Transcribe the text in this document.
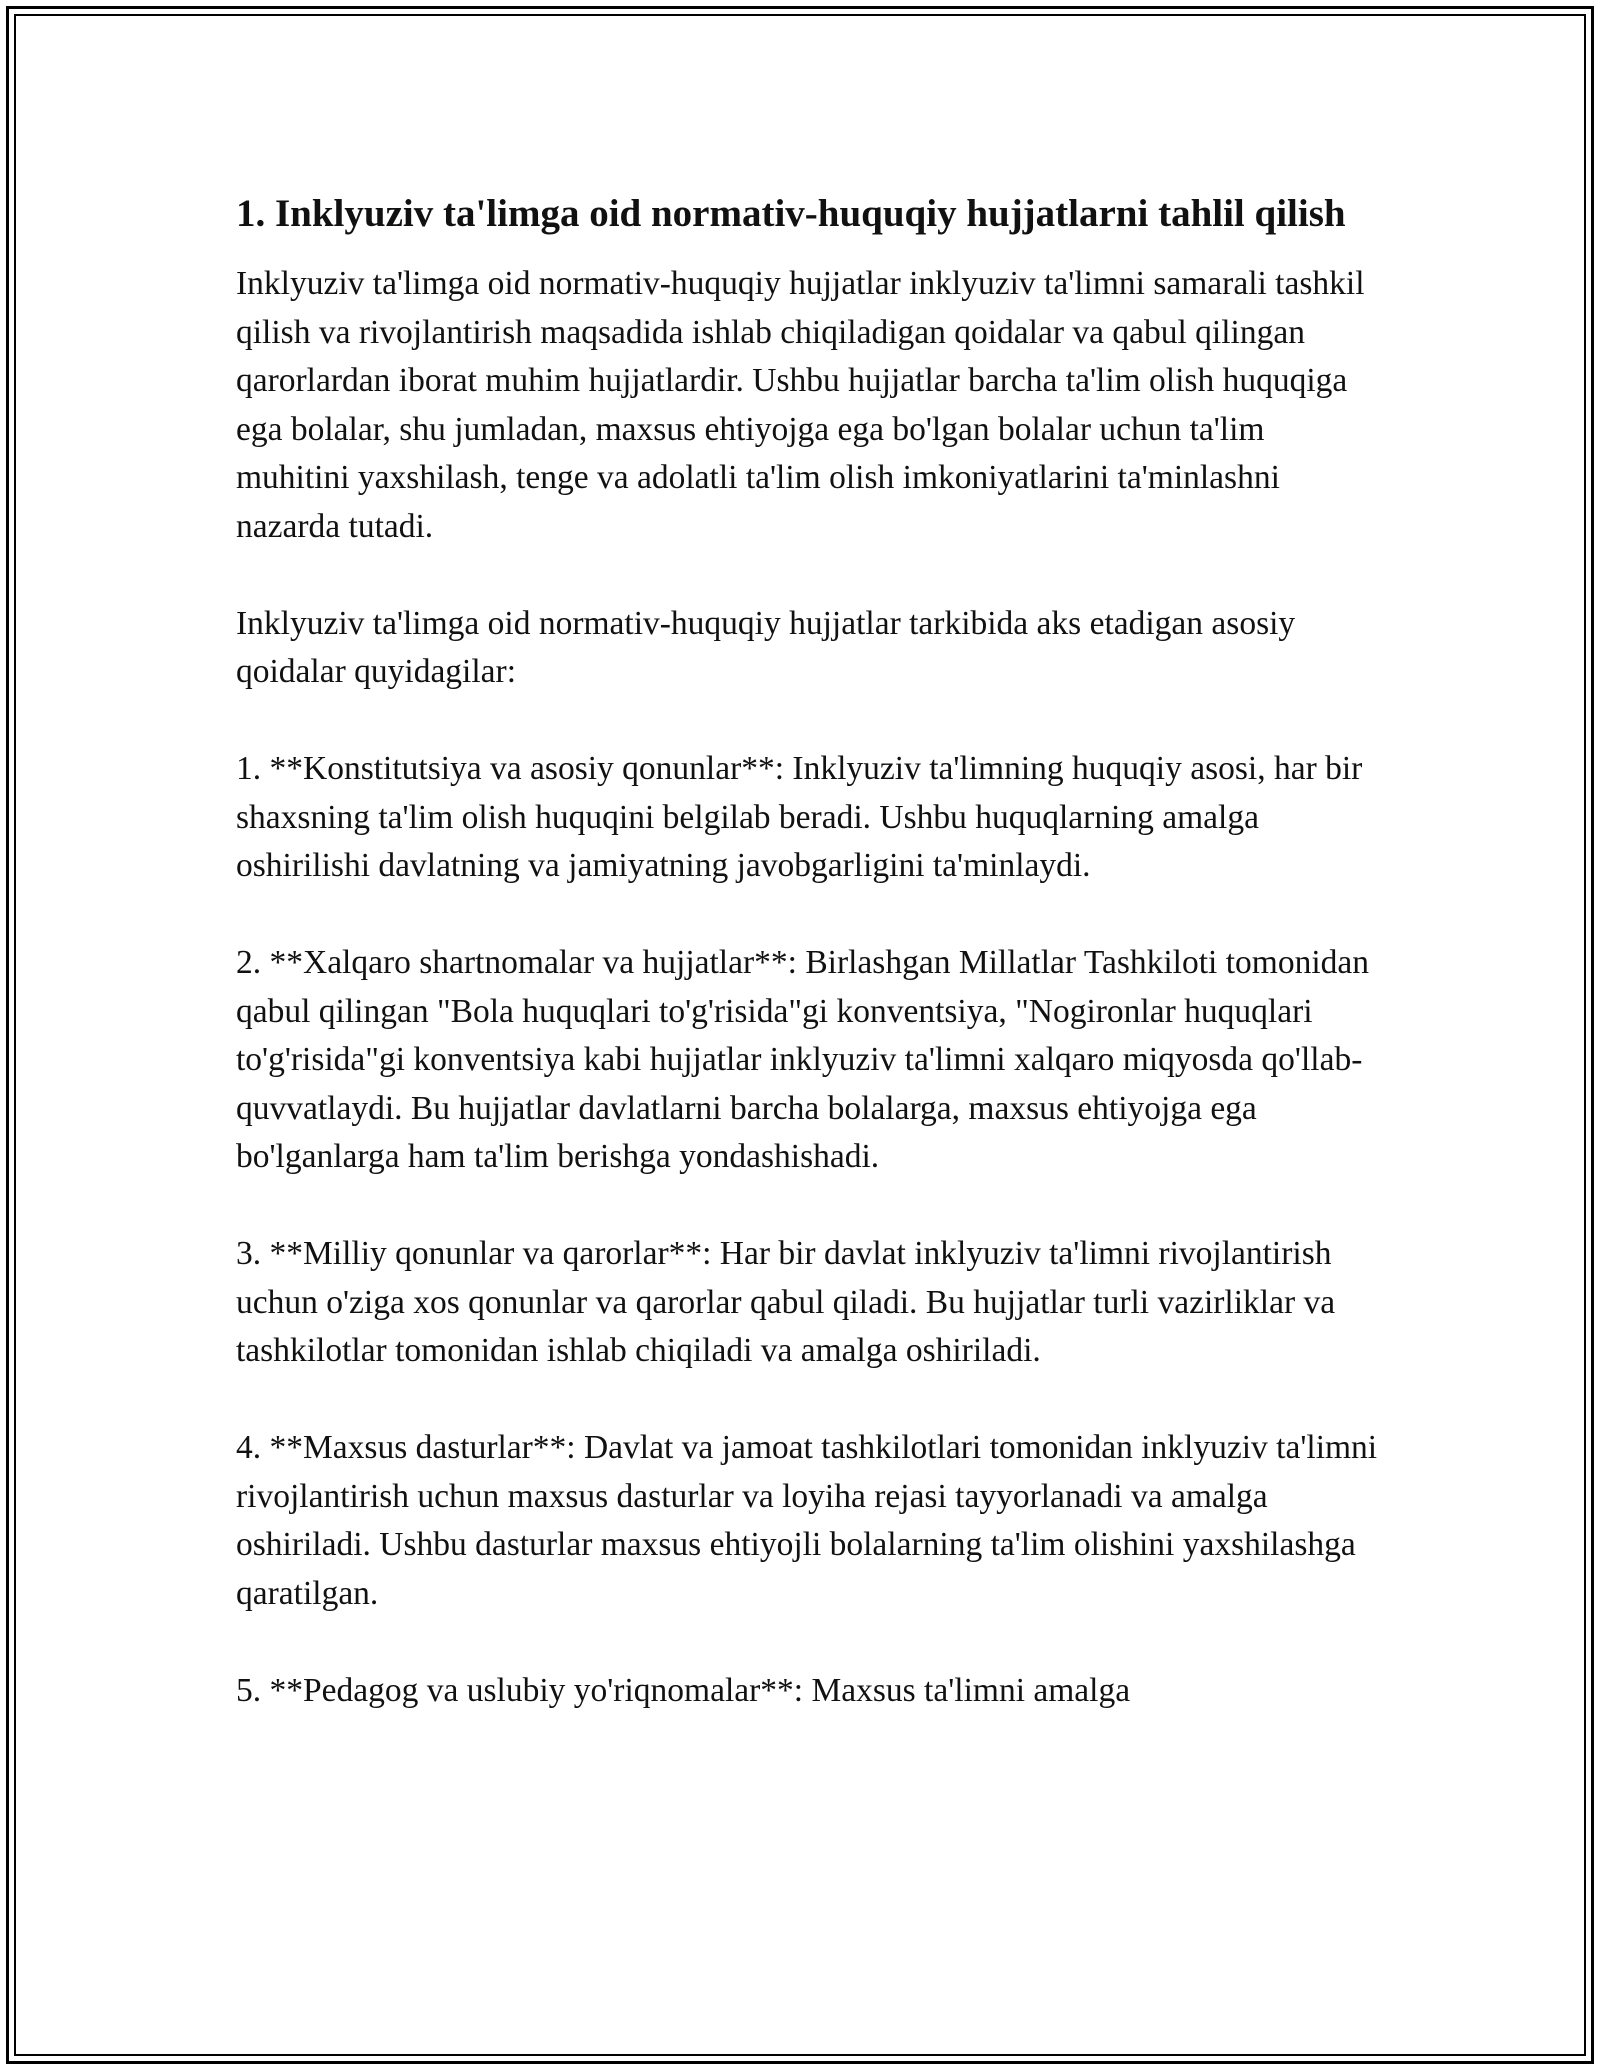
1. Inklyuziv ta'limga oid normativ-huquqiy hujjatlarni tahlil qilish

Inklyuziv ta'limga oid normativ-huquqiy hujjatlar inklyuziv ta'limni samarali tashkil qilish va rivojlantirish maqsadida ishlab chiqiladigan qoidalar va qabul qilingan qarorlardan iborat muhim hujjatlardir. Ushbu hujjatlar barcha ta'lim olish huquqiga ega bolalar, shu jumladan, maxsus ehtiyojga ega bo'lgan bolalar uchun ta'lim muhitini yaxshilash, tenge va adolatli ta'lim olish imkoniyatlarini ta'minlashni nazarda tutadi.

Inklyuziv ta'limga oid normativ-huquqiy hujjatlar tarkibida aks etadigan asosiy qoidalar quyidagilar:

1. **Konstitutsiya va asosiy qonunlar**: Inklyuziv ta'limning huquqiy asosi, har bir shaxsning ta'lim olish huquqini belgilab beradi. Ushbu huquqlarning amalga oshirilishi davlatning va jamiyatning javobgarligini ta'minlaydi.

2. **Xalqaro shartnomalar va hujjatlar**: Birlashgan Millatlar Tashkiloti tomonidan qabul qilingan "Bola huquqlari to'g'risida"gi konventsiya, "Nogironlar huquqlari to'g'risida"gi konventsiya kabi hujjatlar inklyuziv ta'limni xalqaro miqyosda qo'llab-quvvatlaydi. Bu hujjatlar davlatlarni barcha bolalarga, maxsus ehtiyojga ega bo'lganlarga ham ta'lim berishga yondashishadi.

3. **Milliy qonunlar va qarorlar**: Har bir davlat inklyuziv ta'limni rivojlantirish uchun o'ziga xos qonunlar va qarorlar qabul qiladi. Bu hujjatlar turli vazirliklar va tashkilotlar tomonidan ishlab chiqiladi va amalga oshiriladi.

4. **Maxsus dasturlar**: Davlat va jamoat tashkilotlari tomonidan inklyuziv ta'limni rivojlantirish uchun maxsus dasturlar va loyiha rejasi tayyorlanadi va amalga oshiriladi. Ushbu dasturlar maxsus ehtiyojli bolalarning ta'lim olishini yaxshilashga qaratilgan.

5. **Pedagog va uslubiy yo'riqnomalar**: Maxsus ta'limni amalga
